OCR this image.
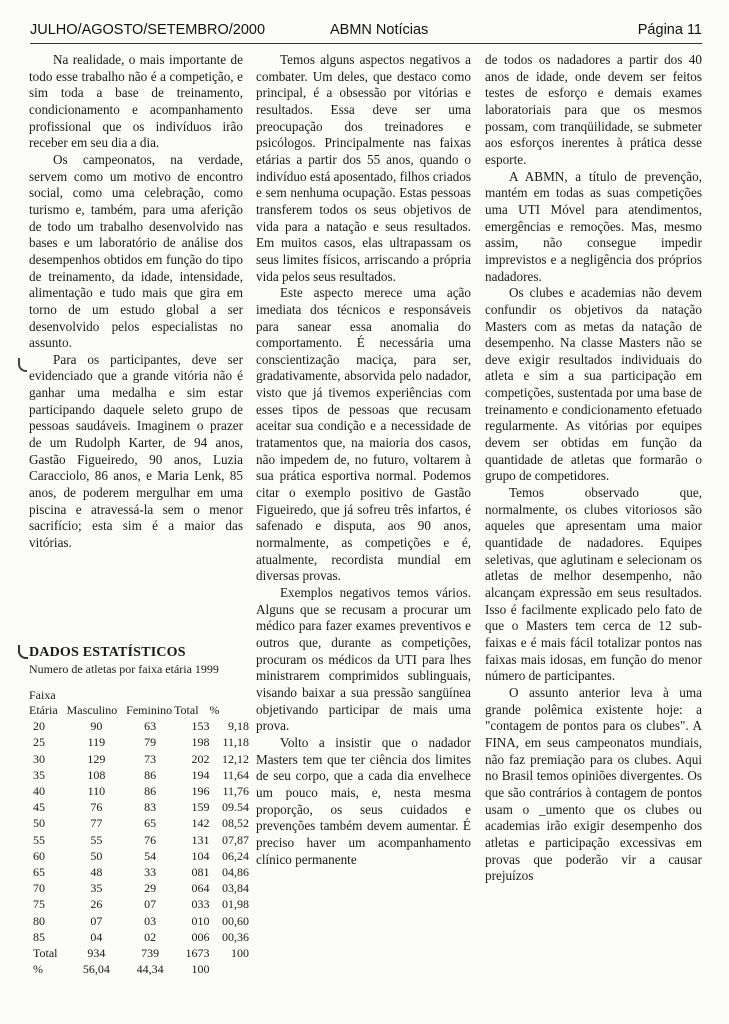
JULHO/AGOSTO/SETEMBRO/2000	ABMN Notícias	Página 11

Na realidade, o mais importante de todo esse trabalho não é a competição, e sim toda a base de treinamento, condicionamento e acompanhamento profissional que os indivíduos irão receber em seu dia a dia.

Os campeonatos, na verdade, servem como um motivo de encontro social, como uma celebração, como turismo e, também, para uma aferição de todo um trabalho desenvolvido nas bases e um laboratório de análise dos desempenhos obtidos em função do tipo de treinamento, da idade, intensidade, alimentação e tudo mais que gira em torno de um estudo global a ser desenvolvido pelos especialistas no assunto.

Para os participantes, deve ser evidenciado que a grande vitória não é ganhar uma medalha e sim estar participando daquele seleto grupo de pessoas saudáveis. Imaginem o prazer de um Rudolph Karter, de 94 anos, Gastão Figueiredo, 90 anos, Luzia Caracciolo, 86 anos, e Maria Lenk, 85 anos, de poderem mergulhar em uma piscina e atravessá-la sem o menor sacrifício; esta sim é a maior das vitórias.

DADOS ESTATÍSTICOS
Numero de atletas por faixa etária 1999
Faixa
Etária	Masculino	Feminino	Total	%
20	90	63	153	9,18
25	119	79	198	11,18
30	129	73	202	12,12
35	108	86	194	11,64
40	110	86	196	11,76
45	76	83	159	09.54
50	77	65	142	08,52
55	55	76	131	07,87
60	50	54	104	06,24
65	48	33	081	04,86
70	35	29	064	03,84
75	26	07	033	01,98
80	07	03	010	00,60
85	04	02	006	00,36
Total	934	739	1673	100
%	56,04	44,34	100	

Temos alguns aspectos negativos a combater. Um deles, que destaco como principal, é a obsessão por vitórias e resultados. Essa deve ser uma preocupação dos treinadores e psicólogos. Principalmente nas faixas etárias a partir dos 55 anos, quando o indivíduo está aposentado, filhos criados e sem nenhuma ocupação. Estas pessoas transferem todos os seus objetivos de vida para a natação e seus resultados. Em muitos casos, elas ultrapassam os seus limites físicos, arriscando a própria vida pelos seus resultados.

Este aspecto merece uma ação imediata dos técnicos e responsáveis para sanear essa anomalia do comportamento. É necessária uma conscientização maciça, para ser, gradativamente, absorvida pelo nadador, visto que já tivemos experiências com esses tipos de pessoas que recusam aceitar sua condição e a necessidade de tratamentos que, na maioria dos casos, não impedem de, no futuro, voltarem à sua prática esportiva normal. Podemos citar o exemplo positivo de Gastão Figueiredo, que já sofreu três infartos, é safenado e disputa, aos 90 anos, normalmente, as competições e é, atualmente, recordista mundial em diversas provas.

Exemplos negativos temos vários. Alguns que se recusam a procurar um médico para fazer exames preventivos e outros que, durante as competições, procuram os médicos da UTI para lhes ministrarem comprimidos sublinguais, visando baixar a sua pressão sangüínea objetivando participar de mais uma prova.

Volto a insistir que o nadador Masters tem que ter ciência dos limites de seu corpo, que a cada dia envelhece um pouco mais, e, nesta mesma proporção, os seus cuidados e prevenções também devem aumentar. É preciso haver um acompanhamento clínico permanente

de todos os nadadores a partir dos 40 anos de idade, onde devem ser feitos testes de esforço e demais exames laboratoriais para que os mesmos possam, com tranqüilidade, se submeter aos esforços inerentes à prática desse esporte.

A ABMN, a título de prevenção, mantém em todas as suas competições uma UTI Móvel para atendimentos, emergências e remoções. Mas, mesmo assim, não consegue impedir imprevistos e a negligência dos próprios nadadores.

Os clubes e academias não devem confundir os objetivos da natação Masters com as metas da natação de desempenho. Na classe Masters não se deve exigir resultados individuais do atleta e sim a sua participação em competições, sustentada por uma base de treinamento e condicionamento efetuado regularmente. As vitórias por equipes devem ser obtidas em função da quantidade de atletas que formarão o grupo de competidores.

Temos observado que, normalmente, os clubes vitoriosos são aqueles que apresentam uma maior quantidade de nadadores. Equipes seletivas, que aglutinam e selecionam os atletas de melhor desempenho, não alcançam expressão em seus resultados. Isso é facilmente explicado pelo fato de que o Masters tem cerca de 12 sub-faixas e é mais fácil totalizar pontos nas faixas mais idosas, em função do menor número de participantes.

O assunto anterior leva à uma grande polêmica existente hoje: a "contagem de pontos para os clubes". A FINA, em seus campeonatos mundiais, não faz premiação para os clubes. Aqui no Brasil temos opiniões divergentes. Os que são contrários à contagem de pontos usam o _umento que os clubes ou academias irão exigir desempenho dos atletas e participação excessivas em provas que poderão vir a causar prejuízos
